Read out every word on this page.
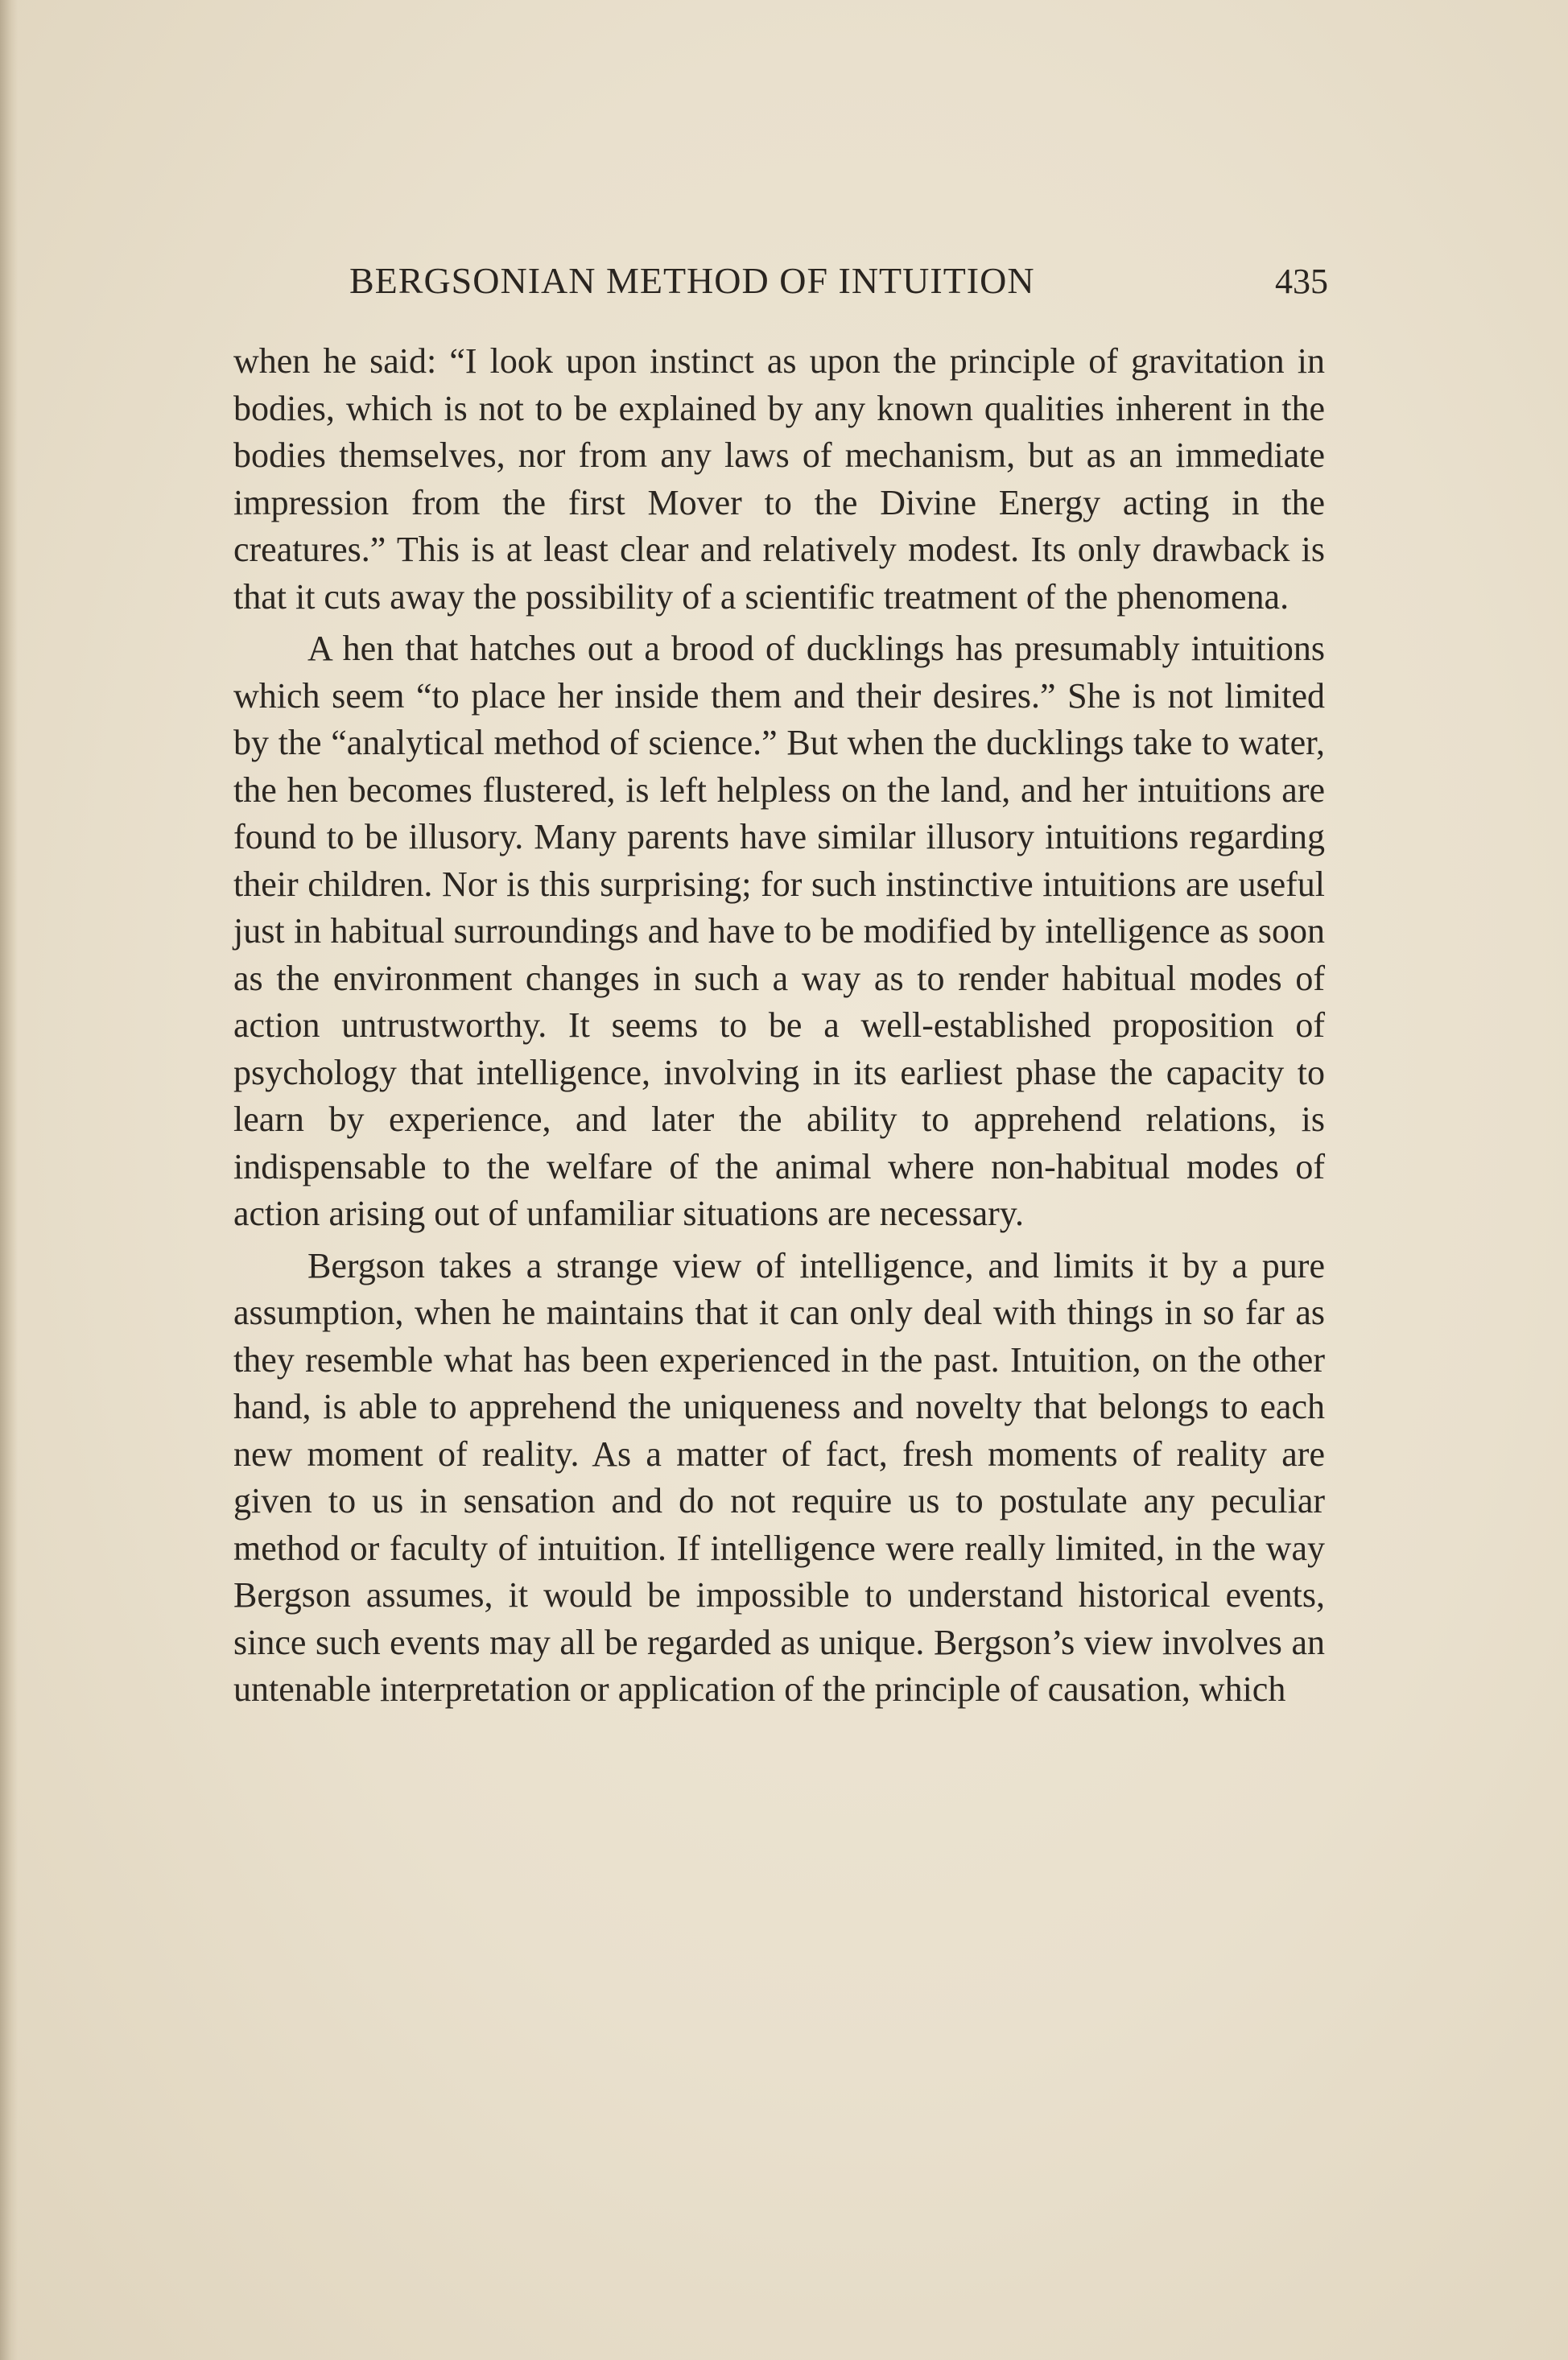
BERGSONIAN METHOD OF INTUITION	435

when he said: “I look upon instinct as upon the principle of gravitation in bodies, which is not to be explained by any known qualities inherent in the bodies themselves, nor from any laws of mechanism, but as an immediate impression from the first Mover to the Divine Energy acting in the creatures.” This is at least clear and relatively modest. Its only drawback is that it cuts away the possibility of a scientific treatment of the phenomena.

A hen that hatches out a brood of ducklings has presumably intuitions which seem “to place her inside them and their desires.” She is not limited by the “analytical method of science.” But when the ducklings take to water, the hen becomes flustered, is left helpless on the land, and her intuitions are found to be illusory. Many parents have similar illusory intuitions regarding their children. Nor is this surprising; for such instinctive intuitions are useful just in habitual surroundings and have to be modified by intelligence as soon as the environment changes in such a way as to render habitual modes of action untrustworthy. It seems to be a well-established proposition of psychology that intelligence, involving in its earliest phase the capacity to learn by experience, and later the ability to apprehend relations, is indispensable to the welfare of the animal where non-habitual modes of action arising out of unfamiliar situations are necessary.

Bergson takes a strange view of intelligence, and limits it by a pure assumption, when he maintains that it can only deal with things in so far as they resemble what has been experienced in the past. Intuition, on the other hand, is able to apprehend the uniqueness and novelty that belongs to each new moment of reality. As a matter of fact, fresh moments of reality are given to us in sensation and do not require us to postulate any peculiar method or faculty of intuition. If intelligence were really limited, in the way Bergson assumes, it would be impossible to understand historical events, since such events may all be regarded as unique. Bergson’s view involves an untenable interpretation or application of the principle of causation, which
